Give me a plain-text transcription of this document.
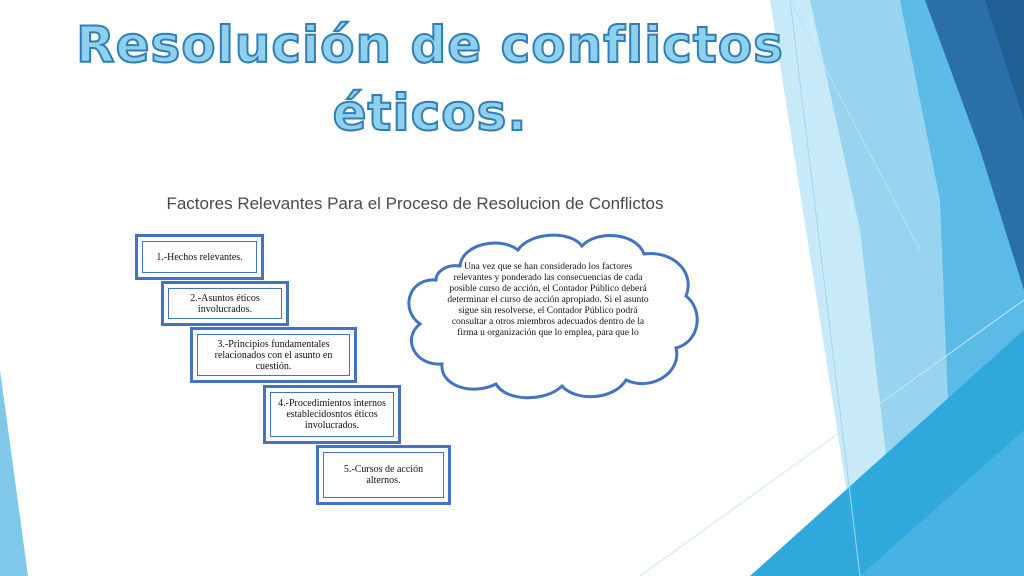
Resolución de conflictos
éticos.
Factores Relevantes Para el Proceso de Resolucion de Conflictos
1.-Hechos relevantes.
2.-Asuntos éticos involucrados.
3.-Principios fundamentales relacionados con el asunto en cuestión.
4.-Procedimientos internos establecidosntos éticos involucrados.
5.-Cursos de acción alternos.
Una vez que se han considerado los factores relevantes y ponderado las consecuencias de cada posible curso de acción, el Contador Público deberá determinar el curso de acción apropiado. Si el asunto sigue sin resolverse, el Contador Público podrá consultar a otros miembros adecuados dentro de la firma u organización que lo emplea, para que lo
